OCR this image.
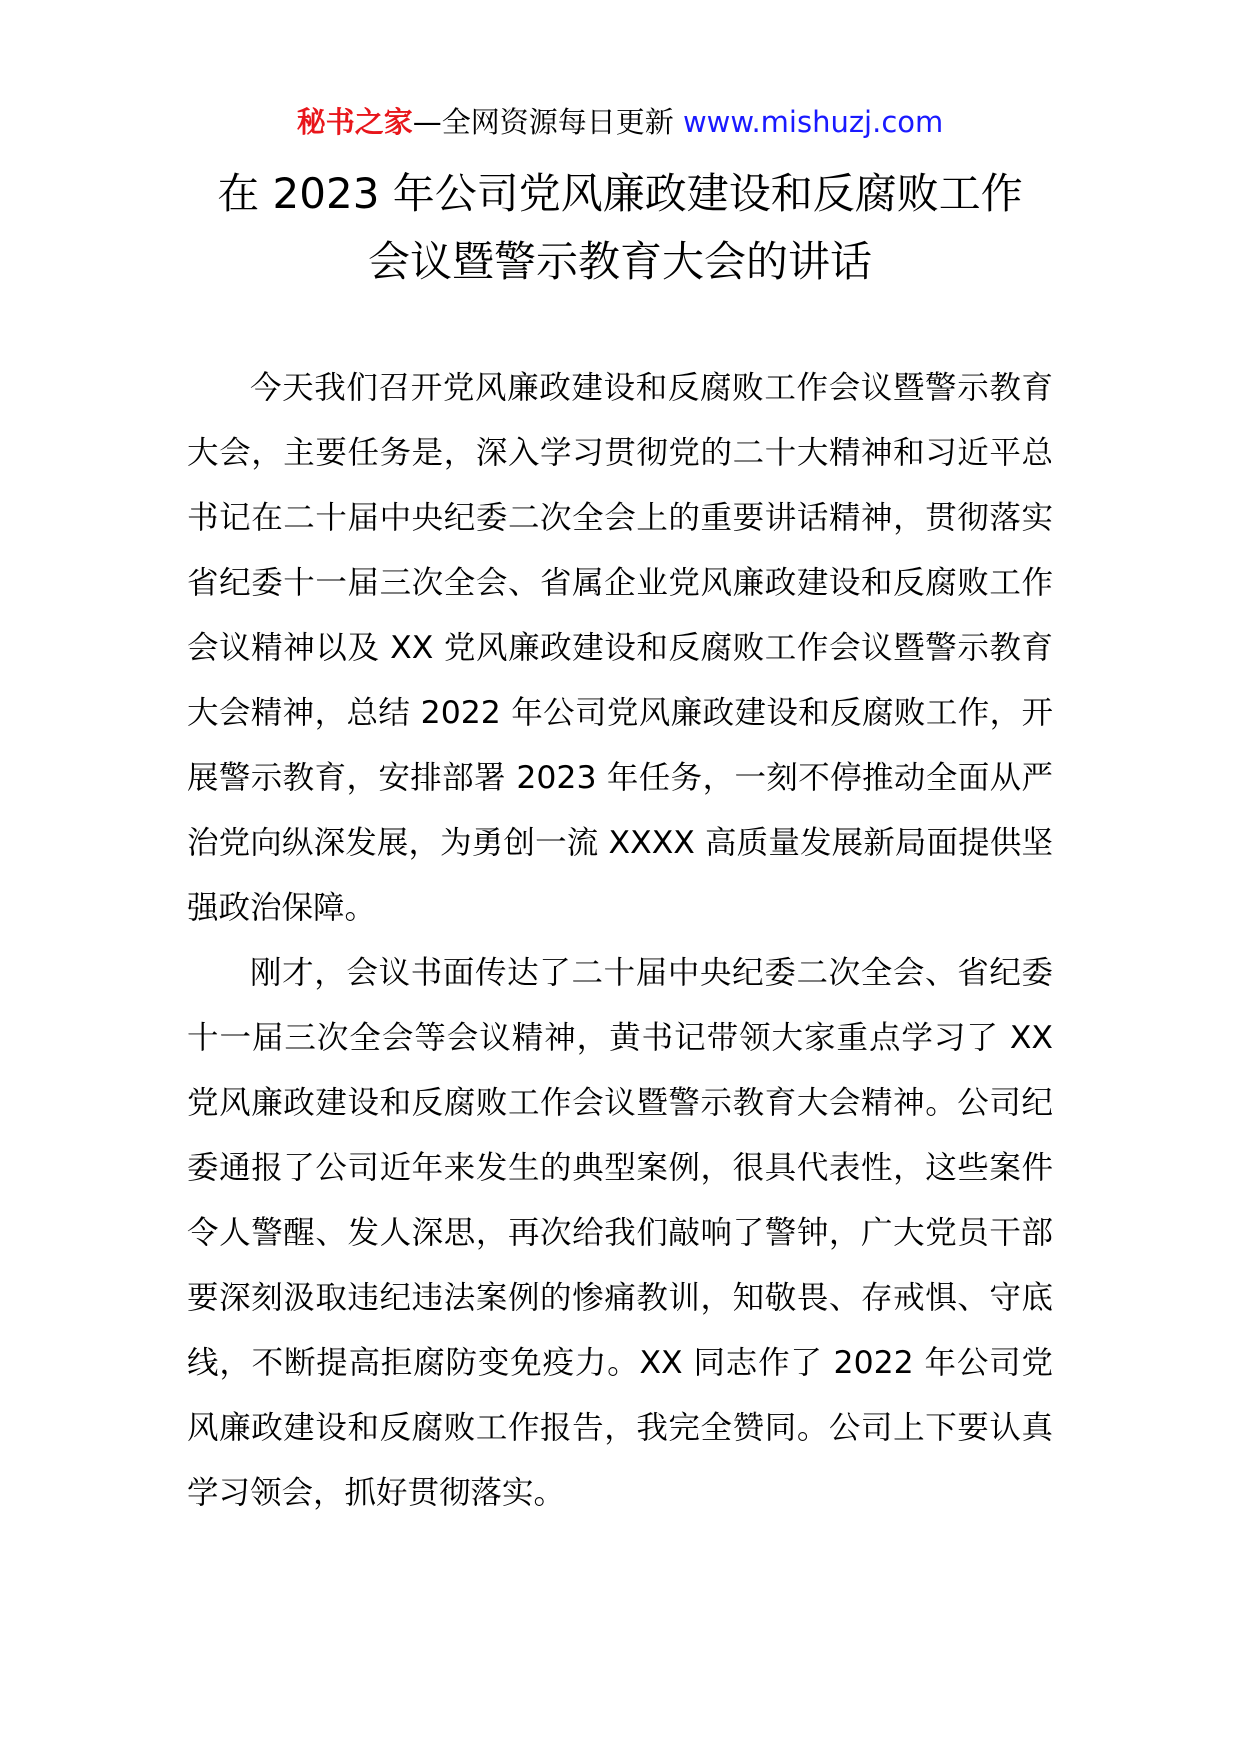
秘书之家—全网资源每日更新 www.mishuzj.com
在 2023 年公司党风廉政建设和反腐败工作
会议暨警示教育大会的讲话

今天我们召开党风廉政建设和反腐败工作会议暨警示教育大会，主要任务是，深入学习贯彻党的二十大精神和习近平总书记在二十届中央纪委二次全会上的重要讲话精神，贯彻落实省纪委十一届三次全会、省属企业党风廉政建设和反腐败工作会议精神以及 XX 党风廉政建设和反腐败工作会议暨警示教育大会精神，总结 2022 年公司党风廉政建设和反腐败工作，开展警示教育，安排部署 2023 年任务，一刻不停推动全面从严治党向纵深发展，为勇创一流 XXXX 高质量发展新局面提供坚强政治保障。

刚才，会议书面传达了二十届中央纪委二次全会、省纪委十一届三次全会等会议精神，黄书记带领大家重点学习了 XX 党风廉政建设和反腐败工作会议暨警示教育大会精神。公司纪委通报了公司近年来发生的典型案例，很具代表性，这些案件令人警醒、发人深思，再次给我们敲响了警钟，广大党员干部要深刻汲取违纪违法案例的惨痛教训，知敬畏、存戒惧、守底线，不断提高拒腐防变免疫力。XX 同志作了 2022 年公司党风廉政建设和反腐败工作报告，我完全赞同。公司上下要认真学习领会，抓好贯彻落实。
